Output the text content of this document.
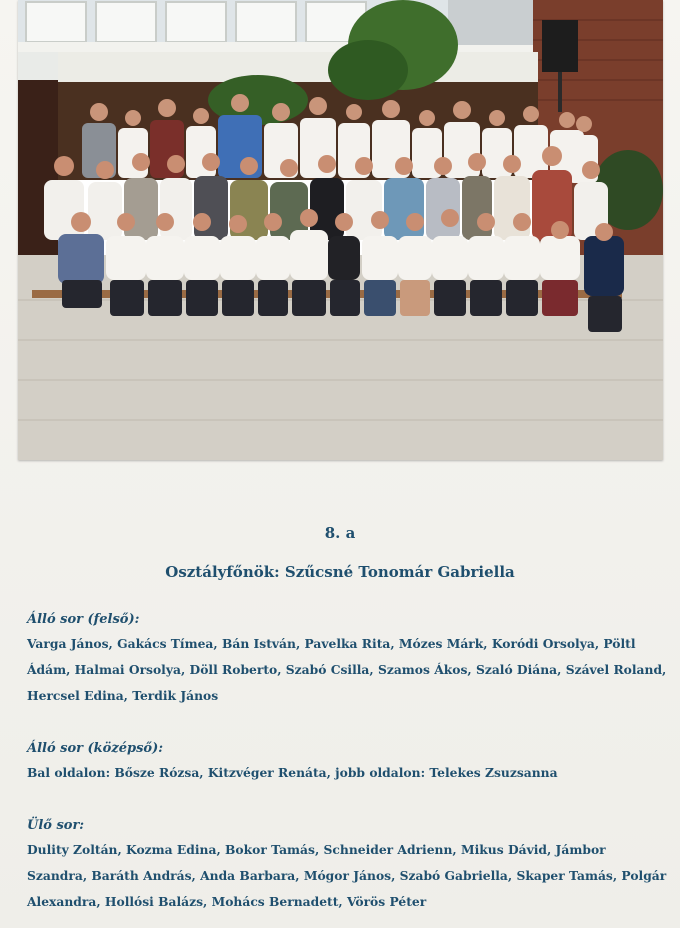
8. a
Osztályfőnök: Szűcsné Tonomár Gabriella
Álló sor (felső):
Varga János, Gakács Tímea, Bán István, Pavelka Rita, Mózes Márk, Koródi Orsolya, Pöltl Ádám, Halmai Orsolya, Döll Roberto, Szabó Csilla, Szamos Ákos, Szaló Diána, Szável Roland, Hercsel Edina, Terdik János
Álló sor (középső):
Bal oldalon: Bősze Rózsa, Kitzvéger Renáta, jobb oldalon: Telekes Zsuzsanna
Ülő sor:
Dulity Zoltán, Kozma Edina, Bokor Tamás, Schneider Adrienn, Mikus Dávid, Jámbor Szandra, Baráth András, Anda Barbara, Mógor János, Szabó Gabriella, Skaper Tamás, Polgár Alexandra, Hollósi Balázs, Mohács Bernadett, Vörös Péter
